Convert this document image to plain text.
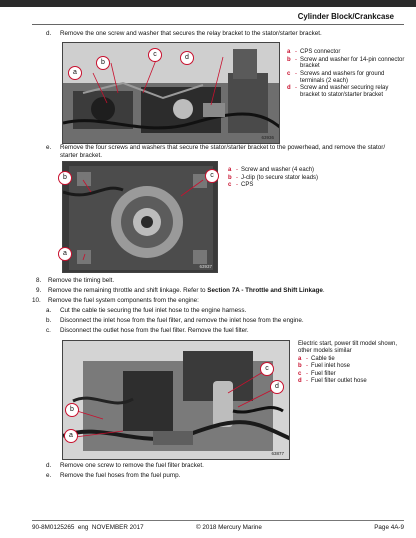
Cylinder Block/Crankcase
d. Remove the one screw and washer that secures the relay bracket to the stator/starter bracket.
63936
c
b
a
d
a - CPS connector
b - Screw and washer for 14-pin connector bracket
c - Screws and washers for ground terminals (2 each)
d - Screw and washer securing relay bracket to stator/starter bracket
e. Remove the four screws and washers that secure the stator/starter bracket to the powerhead, and remove the stator/
starter bracket.
63937
b	c
a
a - Screw and washer (4 each)
b - J-clip (to secure stator leads)
c - CPS
8. Remove the timing belt.
9. Remove the remaining throttle and shift linkage. Refer to Section 7A - Throttle and Shift Linkage.
10. Remove the fuel system components from the engine:
a. Cut the cable tie securing the fuel inlet hose to the engine harness.
b. Disconnect the inlet hose from the fuel filter, and remove the inlet hose from the engine.
c. Disconnect the outlet hose from the fuel filter. Remove the fuel filter.
63877
c
d
b
a
Electric start, power tilt model shown, other models similar
a - Cable tie
b - Fuel inlet hose
c - Fuel filter
d - Fuel filter outlet hose
d. Remove one screw to remove the fuel filter bracket.
e. Remove the fuel hoses from the fuel pump.
90-8M0125265 eng NOVEMBER 2017	© 2018 Mercury Marine	Page 4A-9
